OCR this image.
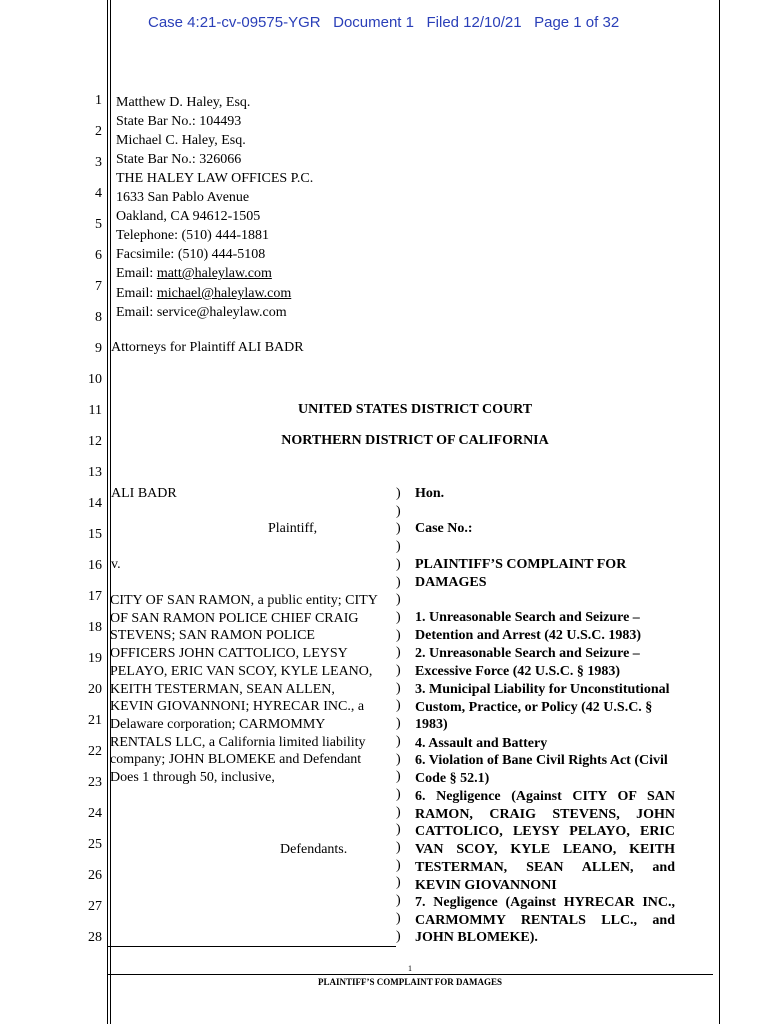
Case 4:21-cv-09575-YGR Document 1 Filed 12/10/21 Page 1 of 32
1
2
3
4
5
6
7
8
9
10
11
12
13
14
15
16
17
18
19
20
21
22
23
24
25
26
27
28
Matthew D. Haley, Esq.
State Bar No.: 104493
Michael C. Haley, Esq.
State Bar No.: 326066
THE HALEY LAW OFFICES P.C.
1633 San Pablo Avenue
Oakland, CA 94612-1505
Telephone: (510) 444-1881
Facsimile: (510) 444-5108
Email: matt@haleylaw.com
Email: michael@haleylaw.com
Email: service@haleylaw.com
Attorneys for Plaintiff ALI BADR
UNITED STATES DISTRICT COURT
NORTHERN DISTRICT OF CALIFORNIA
ALI BADR
Plaintiff,
v.
CITY OF SAN RAMON, a public entity; CITY OF SAN RAMON POLICE CHIEF CRAIG STEVENS; SAN RAMON POLICE OFFICERS JOHN CATTOLICO, LEYSY PELAYO, ERIC VAN SCOY, KYLE LEANO, KEITH TESTERMAN, SEAN ALLEN, KEVIN GIOVANNONI; HYRECAR INC., a Delaware corporation; CARMOMMY RENTALS LLC, a California limited liability company; JOHN BLOMEKE and Defendant Does 1 through 50, inclusive,
Defendants.
)
)
)
)
)
)
)
)
)
)
)
)
)
)
)
)
)
)
)
)
)
)
)
)
)
)
Hon.
Case No.:
PLAINTIFF’S COMPLAINT FOR DAMAGES
1. Unreasonable Search and Seizure – Detention and Arrest (42 U.S.C. 1983)
2. Unreasonable Search and Seizure – Excessive Force (42 U.S.C. § 1983)
3. Municipal Liability for Unconstitutional Custom, Practice, or Policy (42 U.S.C. § 1983)
4. Assault and Battery
6. Violation of Bane Civil Rights Act (Civil Code § 52.1)
6. Negligence (Against CITY OF SAN RAMON, CRAIG STEVENS, JOHN CATTOLICO, LEYSY PELAYO, ERIC VAN SCOY, KYLE LEANO, KEITH TESTERMAN, SEAN ALLEN, and KEVIN GIOVANNONI
7. Negligence (Against HYRECAR INC., CARMOMMY RENTALS LLC., and JOHN BLOMEKE).
1
PLAINTIFF’S COMPLAINT FOR DAMAGES
